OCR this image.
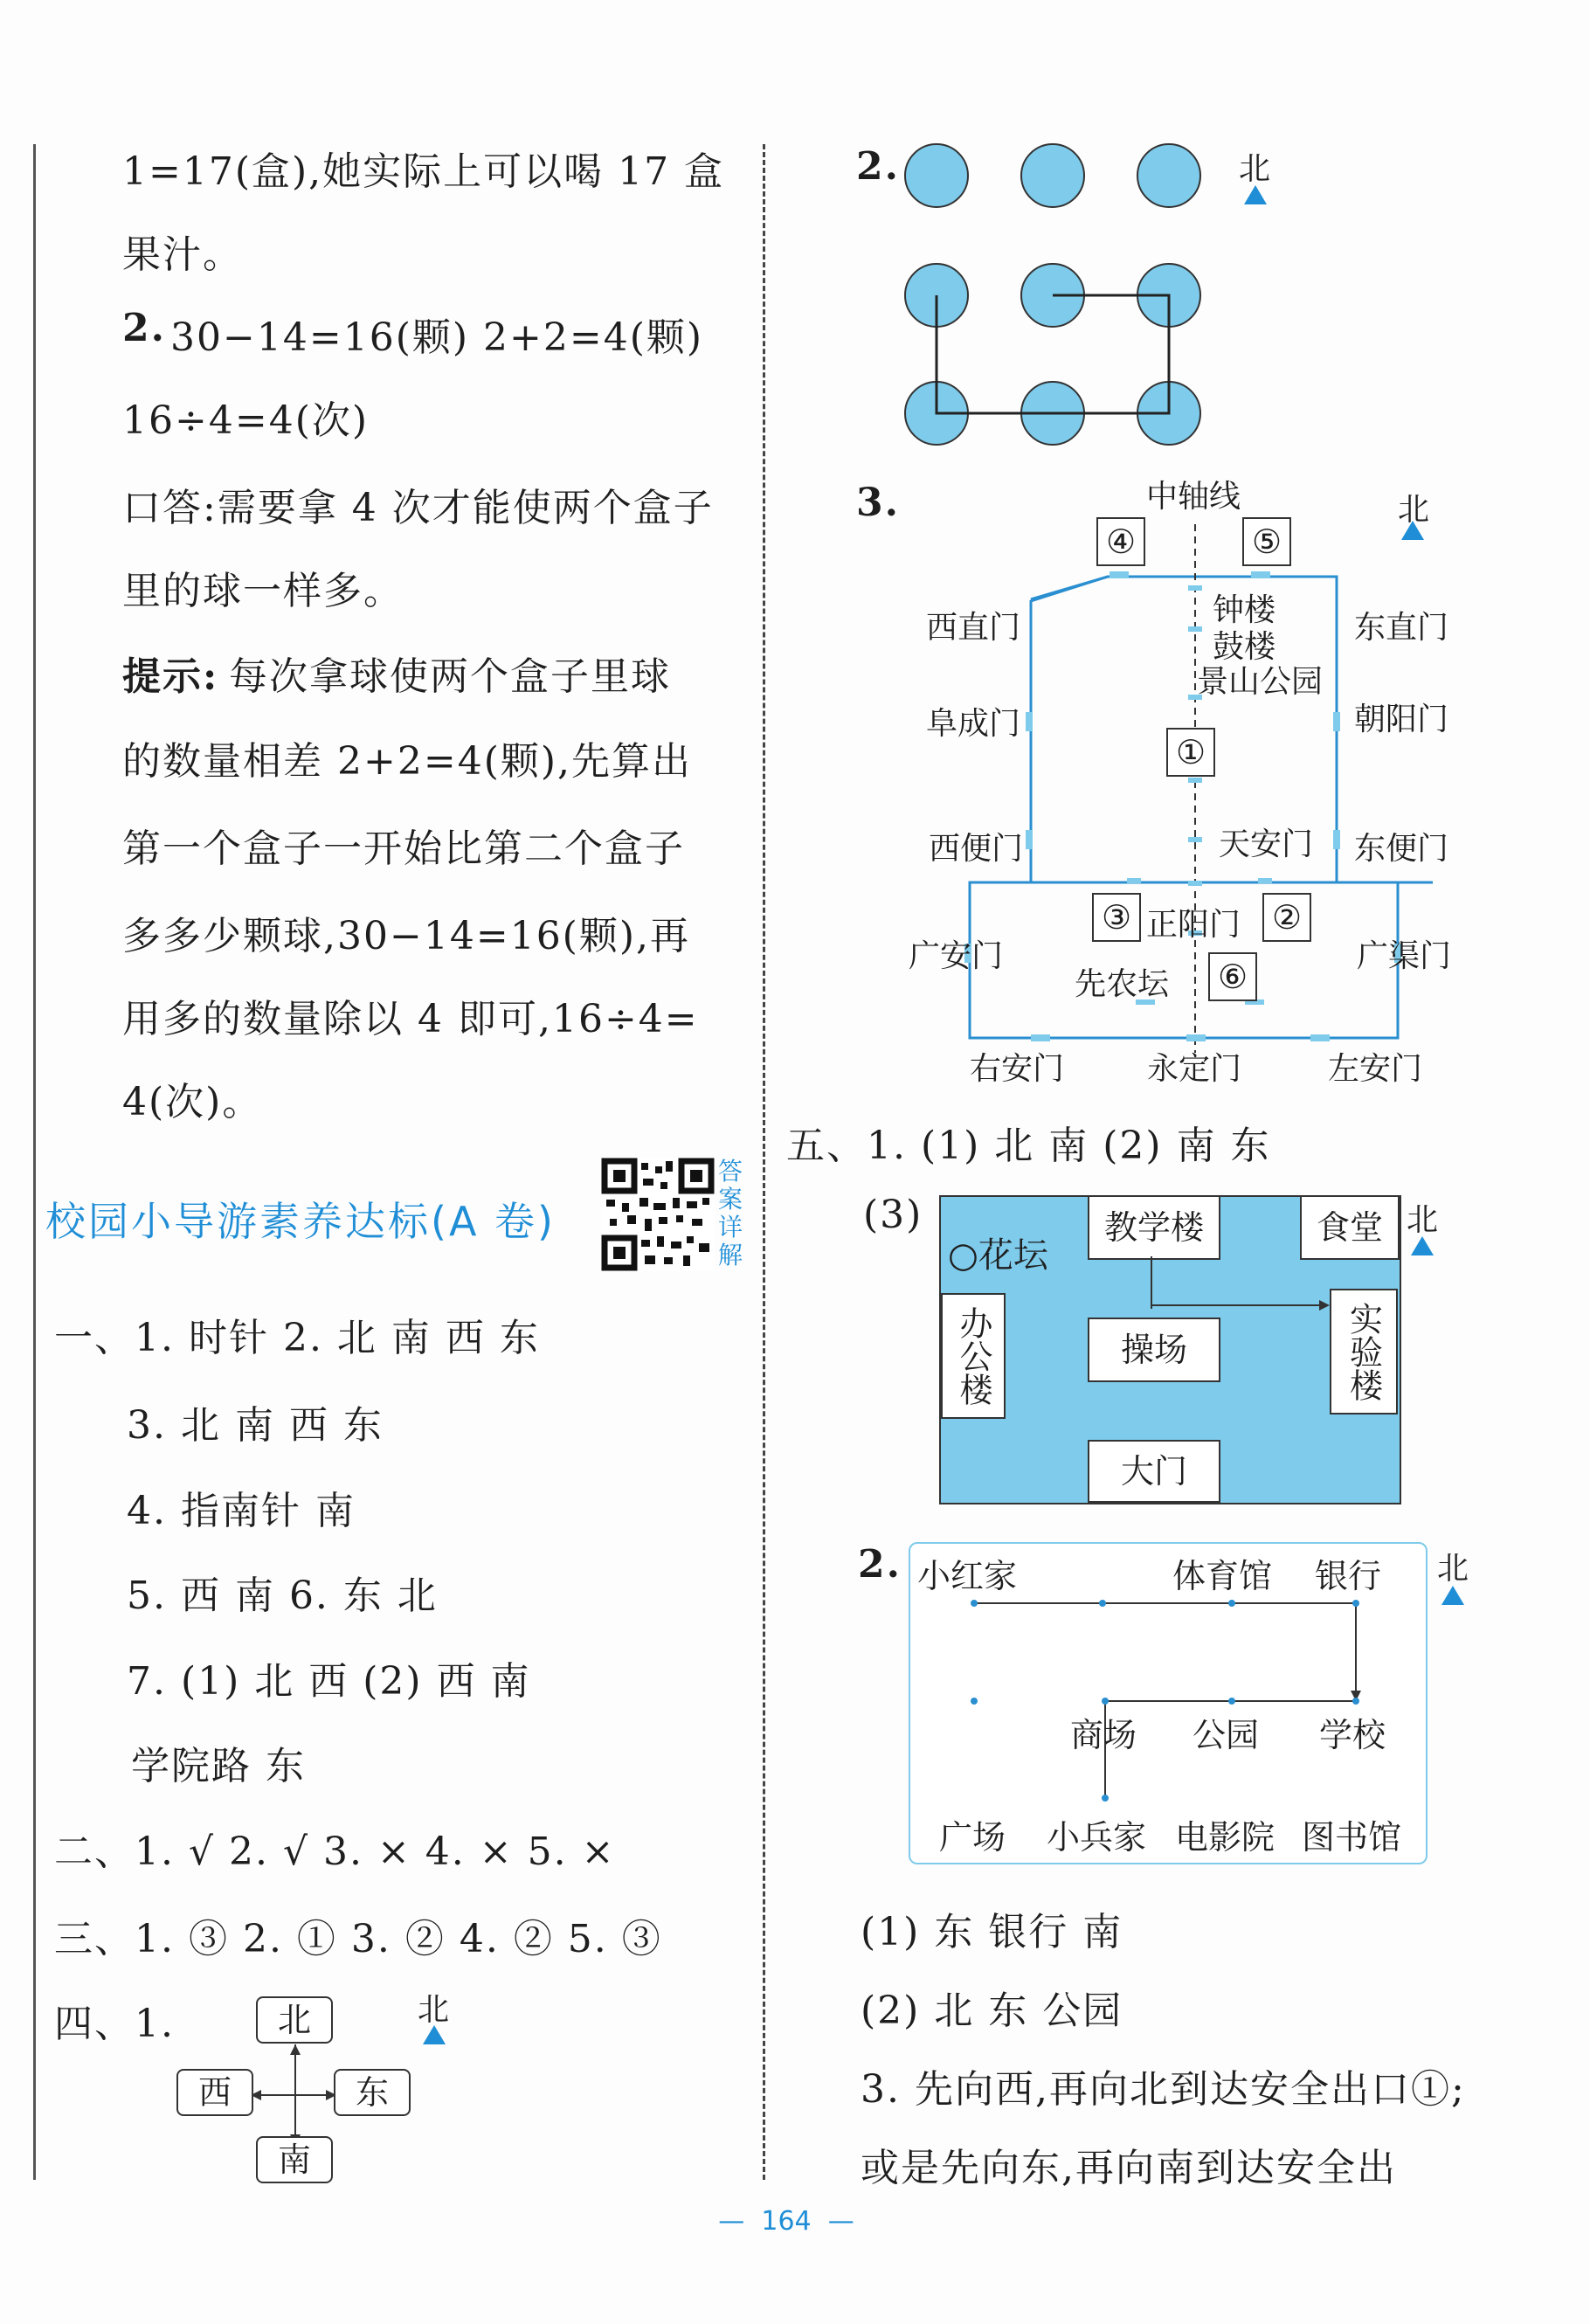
1=17(盒),她实际上可以喝 17 盒
果汁。
2. 30−14=16(颗) 2+2=4(颗)
16÷4=4(次)
口答:需要拿 4 次才能使两个盒子
里的球一样多。
提示: 每次拿球使两个盒子里球
的数量相差 2+2=4(颗),先算出
第一个盒子一开始比第二个盒子
多多少颗球,30−14=16(颗),再
用多的数量除以 4 即可,16÷4=
4(次)。
校园小导游素养达标(A 卷)
答案详解
一、1. 时针 2. 北 南 西 东
3. 北 南 西 东
4. 指南针 南
5. 西 南 6. 东 北
7. (1) 北 西 (2) 西 南
学院路 东
二、1. √ 2. √ 3. × 4. × 5. ×
三、1. ③ 2. ① 3. ② 4. ② 5. ③
四、1.	北
西	东
南
北
2.	北
3.	中轴线	北
④	⑤
①
③	②
⑥
西直门	东直门
阜成门	朝阳门
西便门	东便门
广安门	广渠门
右安门	永定门	左安门
钟楼
鼓楼
景山公园
天安门
正阳门
先农坛
五、1. (1) 北 南 (2) 南 东
(3)
○花坛
教学楼	食堂
办公楼	操场	实验楼
大门
北
2. 小红家	体育馆 银行
商场 公园 学校
广场 小兵家 电影院 图书馆
北
(1) 东 银行 南
(2) 北 东 公园
3. 先向西,再向北到达安全出口①;
或是先向东,再向南到达安全出
—  164  —
